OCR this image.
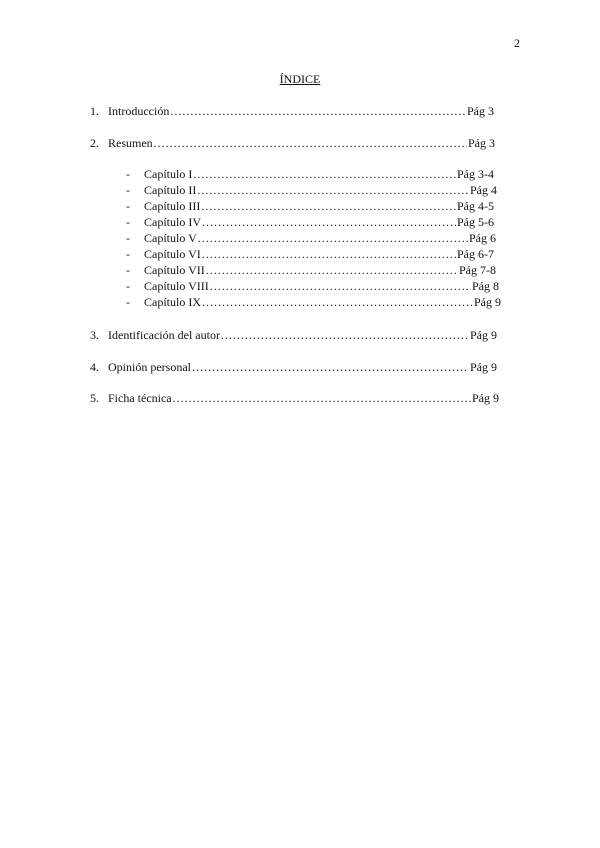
2
ÍNDICE
1. Introducción .....	Pág 3
2. Resumen .....	Pág 3
- Capítulo I .....	Pág 3-4
- Capítulo II .....	Pág 4
- Capítulo III .....	Pág 4-5
- Capítulo IV .....	Pág 5-6
- Capítulo V .....	Pág 6
- Capítulo VI .....	Pág 6-7
- Capítulo VII .....	Pág 7-8
- Capítulo VIII .....	Pág 8
- Capítulo IX .....	Pág 9
3. Identificación del autor .....	Pág 9
4. Opinión personal .....	Pág 9
5. Ficha técnica .....	Pág 9
